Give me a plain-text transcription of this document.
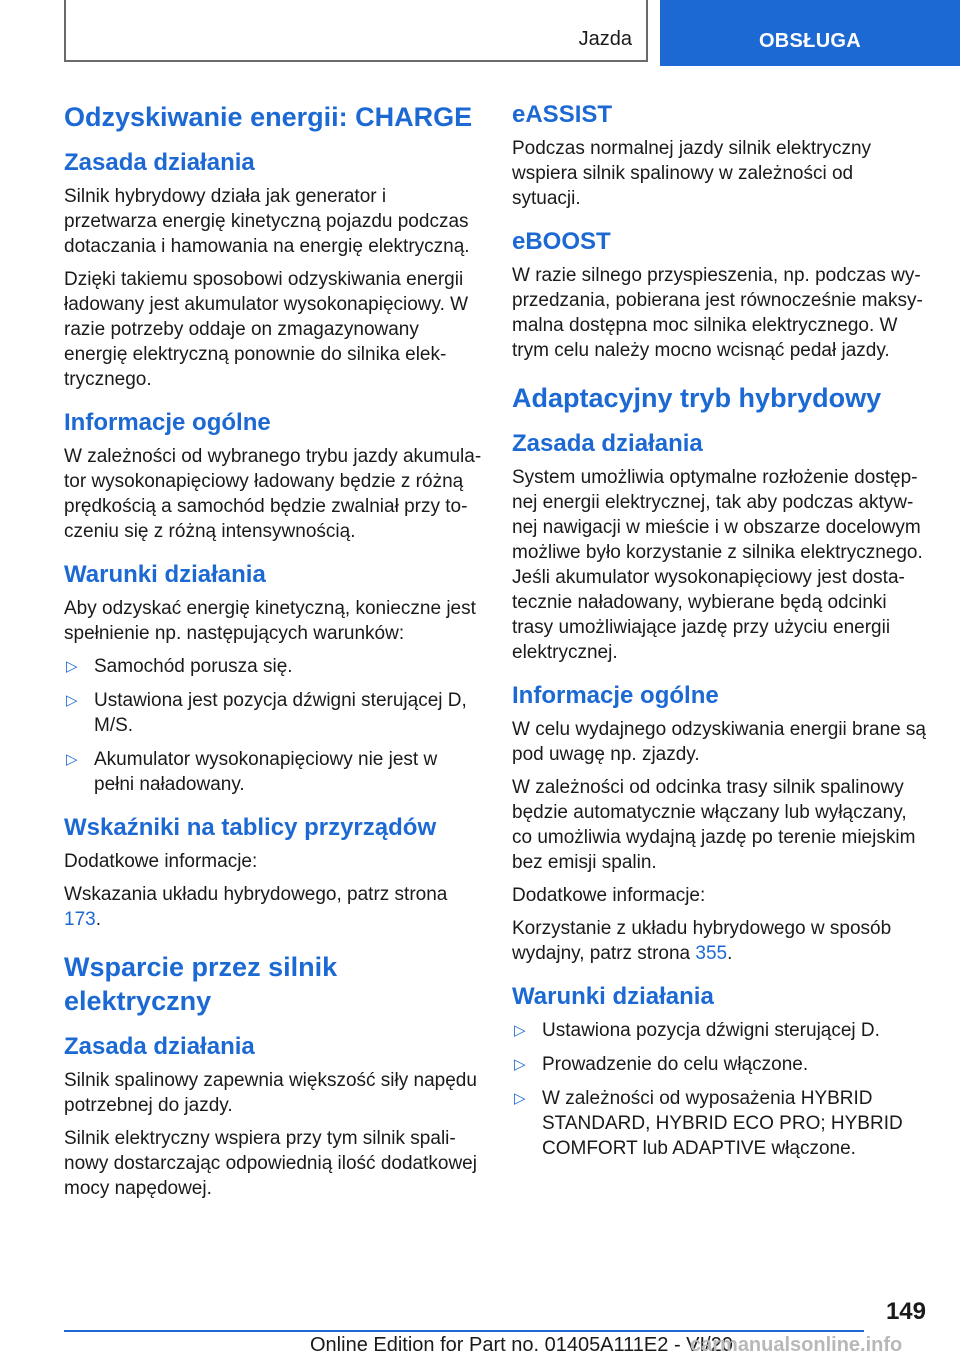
Jazda	OBSŁUGA
Odzyskiwanie energii: CHARGE
Zasada działania

Silnik hybrydowy działa jak generator i przetwarza energię kinetyczną pojazdu podczas dotaczania i hamowania na energię elektryczną.

Dzięki takiemu sposobowi odzyskiwania energii ładowany jest akumulator wysokonapięciowy. W razie potrzeby oddaje on zmagazynowany energię elektryczną ponownie do silnika elektrycznego.

Informacje ogólne

W zależności od wybranego trybu jazdy akumulator wysokonapięciowy ładowany będzie z różną prędkością a samochód będzie zwalniał przy toczeniu się z różną intensywnością.

Warunki działania

Aby odzyskać energię kinetyczną, konieczne jest spełnienie np. następujących warunków:

▷ Samochód porusza się.
▷ Ustawiona jest pozycja dźwigni sterującej D, M/S.
▷ Akumulator wysokonapięciowy nie jest w pełni naładowany.
Wskaźniki na tablicy przyrządów

Dodatkowe informacje:

Wskazania układu hybrydowego, patrz strona 173.

Wsparcie przez silnik elektryczny
Zasada działania

Silnik spalinowy zapewnia większość siły napędu potrzebnej do jazdy.

Silnik elektryczny wspiera przy tym silnik spalinowy dostarczając odpowiednią ilość dodatkowej mocy napędowej.

eASSIST

Podczas normalnej jazdy silnik elektryczny wspiera silnik spalinowy w zależności od sytuacji.

eBOOST

W razie silnego przyspieszenia, np. podczas wyprzedzania, pobierana jest równocześnie maksymalna dostępna moc silnika elektrycznego. W trym celu należy mocno wcisnąć pedał jazdy.

Adaptacyjny tryb hybrydowy
Zasada działania

System umożliwia optymalne rozłożenie dostępnej energii elektrycznej, tak aby podczas aktywnej nawigacji w mieście i w obszarze docelowym możliwe było korzystanie z silnika elektrycznego. Jeśli akumulator wysokonapięciowy jest dostatecznie naładowany, wybierane będą odcinki trasy umożliwiające jazdę przy użyciu energii elektrycznej.

Informacje ogólne

W celu wydajnego odzyskiwania energii brane są pod uwagę np. zjazdy.

W zależności od odcinka trasy silnik spalinowy będzie automatycznie włączany lub wyłączany, co umożliwia wydajną jazdę po terenie miejskim bez emisji spalin.

Dodatkowe informacje:

Korzystanie z układu hybrydowego w sposób wydajny, patrz strona 355.

Warunki działania
▷ Ustawiona pozycja dźwigni sterującej D.
▷ Prowadzenie do celu włączone.
▷ W zależności od wyposażenia HYBRID STANDARD, HYBRID ECO PRO; HYBRID COMFORT lub ADAPTIVE włączone.
149
Online Edition for Part no. 01405A111E2 - VI/20
carmanualsonline.info
